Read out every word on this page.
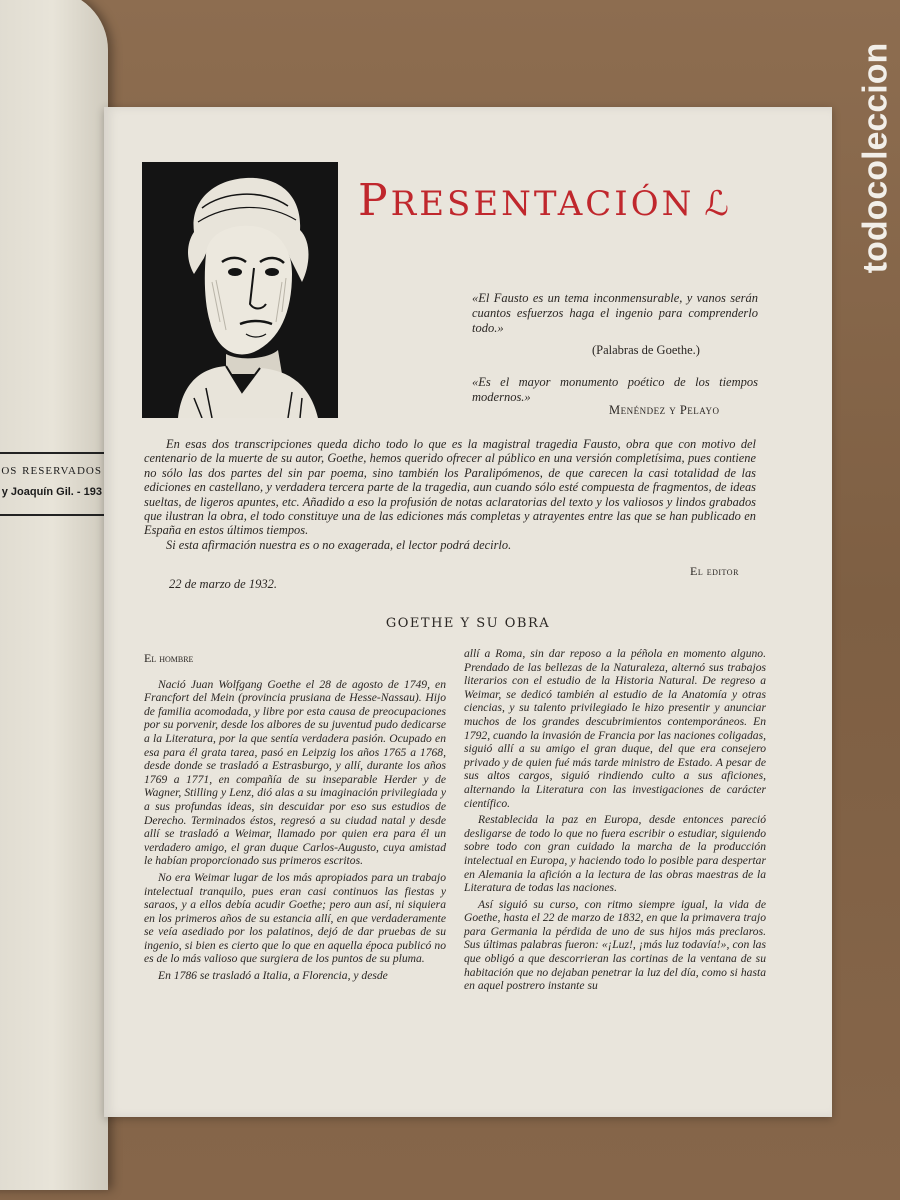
os reservados
y Joaquín Gil. - 193
PRESENTACIÓN ℒ
«El Fausto es un tema inconmensurable, y vanos serán cuantos esfuerzos haga el ingenio para comprenderlo todo.»
(Palabras de Goethe.)
«Es el mayor monumento poético de los tiempos modernos.»
Menéndez y Pelayo

En esas dos transcripciones queda dicho todo lo que es la magistral tragedia Fausto, obra que con motivo del centenario de la muerte de su autor, Goethe, hemos querido ofrecer al público en una versión completísima, pues contiene no sólo las dos partes del sin par poema, sino también los Paralipómenos, de que carecen la casi totalidad de las ediciones en castellano, y verdadera tercera parte de la tragedia, aun cuando sólo esté compuesta de fragmentos, de ideas sueltas, de ligeros apuntes, etc. Añadido a eso la profusión de notas aclaratorias del texto y los valiosos y lindos grabados que ilustran la obra, el todo constituye una de las ediciones más completas y atrayentes entre las que se han publicado en España en estos últimos tiempos.

Si esta afirmación nuestra es o no exagerada, el lector podrá decirlo.

El editor
22 de marzo de 1932.
GOETHE Y SU OBRA

El hombre

Nació Juan Wolfgang Goethe el 28 de agosto de 1749, en Francfort del Mein (provincia prusiana de Hesse-Nassau). Hijo de familia acomodada, y libre por esta causa de preocupaciones por su porvenir, desde los albores de su juventud pudo dedicarse a la Literatura, por la que sentía verdadera pasión. Ocupado en esa para él grata tarea, pasó en Leipzig los años 1765 a 1768, desde donde se trasladó a Estrasburgo, y allí, durante los años 1769 a 1771, en compañía de su inseparable Herder y de Wagner, Stilling y Lenz, dió alas a su imaginación privilegiada y a sus profundas ideas, sin descuidar por eso sus estudios de Derecho. Terminados éstos, regresó a su ciudad natal y desde allí se trasladó a Weimar, llamado por quien era para él un verdadero amigo, el gran duque Carlos-Augusto, cuya amistad le habían proporcionado sus primeros escritos.

No era Weimar lugar de los más apropiados para un trabajo intelectual tranquilo, pues eran casi continuos las fiestas y saraos, y a ellos debía acudir Goethe; pero aun así, ni siquiera en los primeros años de su estancia allí, en que verdaderamente se veía asediado por los palatinos, dejó de dar pruebas de su ingenio, si bien es cierto que lo que en aquella época publicó no es de lo más valioso que surgiera de los puntos de su pluma.

En 1786 se trasladó a Italia, a Florencia, y desde

allí a Roma, sin dar reposo a la péñola en momento alguno. Prendado de las bellezas de la Naturaleza, alternó sus trabajos literarios con el estudio de la Historia Natural. De regreso a Weimar, se dedicó también al estudio de la Anatomía y otras ciencias, y su talento privilegiado le hizo presentir y anunciar muchos de los grandes descubrimientos contemporáneos. En 1792, cuando la invasión de Francia por las naciones coligadas, siguió allí a su amigo el gran duque, del que era consejero privado y de quien fué más tarde ministro de Estado. A pesar de sus altos cargos, siguió rindiendo culto a sus aficiones, alternando la Literatura con las investigaciones de carácter científico.

Restablecida la paz en Europa, desde entonces pareció desligarse de todo lo que no fuera escribir o estudiar, siguiendo sobre todo con gran cuidado la marcha de la producción intelectual en Europa, y haciendo todo lo posible para despertar en Alemania la afición a la lectura de las obras maestras de la Literatura de todas las naciones.

Así siguió su curso, con ritmo siempre igual, la vida de Goethe, hasta el 22 de marzo de 1832, en que la primavera trajo para Germania la pérdida de uno de sus hijos más preclaros. Sus últimas palabras fueron: «¡Luz!, ¡más luz todavía!», con las que obligó a que descorrieran las cortinas de la ventana de su habitación que no dejaban penetrar la luz del día, como si hasta en aquel postrero instante su

todocoleccion
